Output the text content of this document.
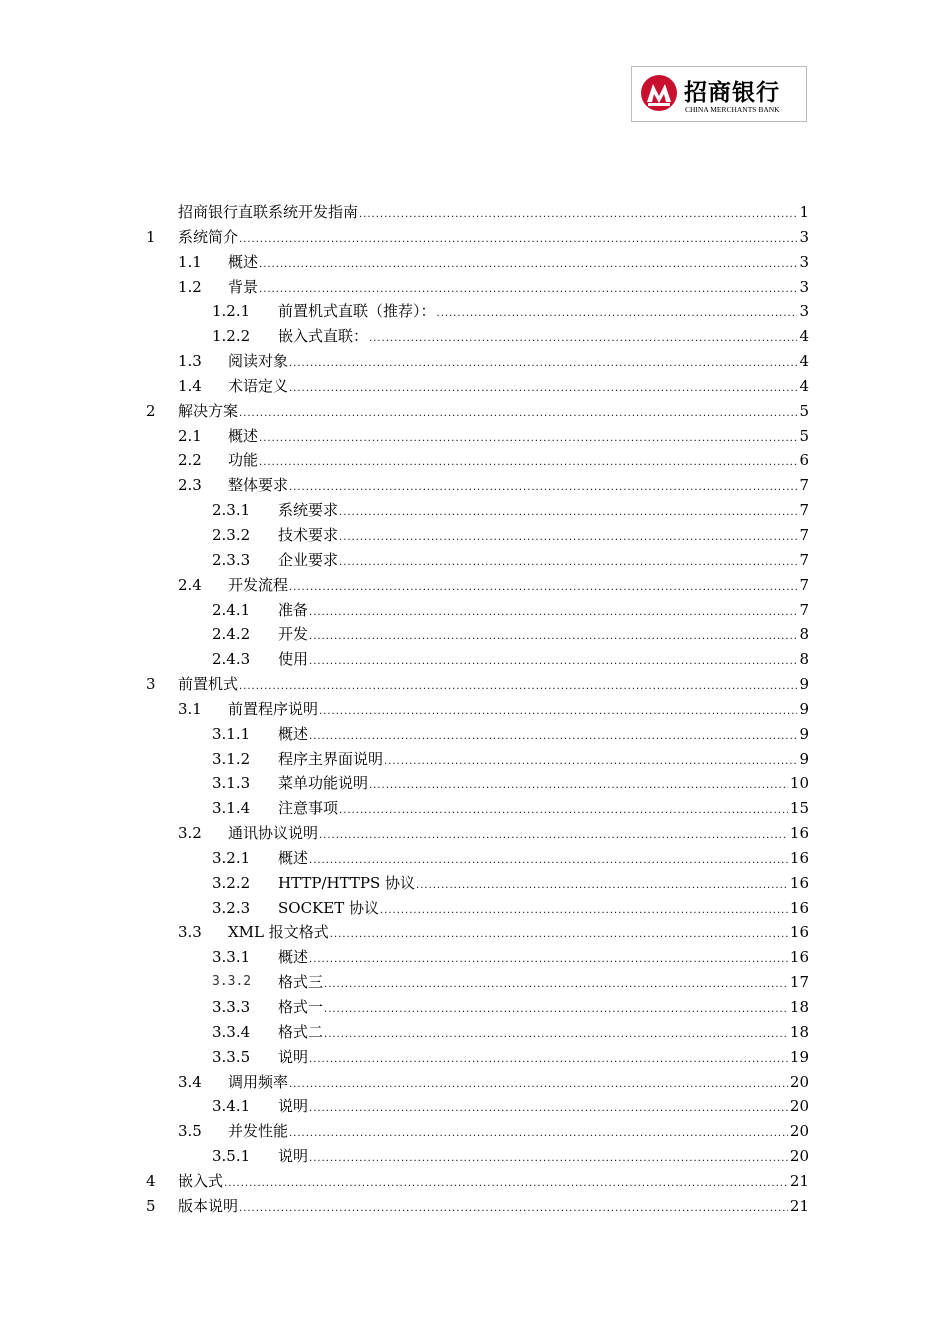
招商银行
CHINA MERCHANTS BANK
招商银行直联系统开发指南 .....	1
1 系统简介 .....	3
1.1 概述 .....	3
1.2 背景 .....	3
1.2.1 前置机式直联（推荐）： .....	3
1.2.2 嵌入式直联： .....	4
1.3 阅读对象 .....	4
1.4 术语定义 .....	4
2 解决方案 .....	5
2.1 概述 .....	5
2.2 功能 .....	6
2.3 整体要求 .....	7
2.3.1 系统要求 .....	7
2.3.2 技术要求 .....	7
2.3.3 企业要求 .....	7
2.4 开发流程 .....	7
2.4.1 准备 .....	7
2.4.2 开发 .....	8
2.4.3 使用 .....	8
3 前置机式 .....	9
3.1 前置程序说明 .....	9
3.1.1 概述 .....	9
3.1.2 程序主界面说明 .....	9
3.1.3 菜单功能说明 .....	10
3.1.4 注意事项 .....	15
3.2 通讯协议说明 .....	16
3.2.1 概述 .....	16
3.2.2 HTTP/HTTPS 协议 .....	16
3.2.3 SOCKET 协议 .....	16
3.3 XML 报文格式 .....	16
3.3.1 概述 .....	16
3.3.2 格式三 .....	17
3.3.3 格式一 .....	18
3.3.4 格式二 .....	18
3.3.5 说明 .....	19
3.4 调用频率 .....	20
3.4.1 说明 .....	20
3.5 并发性能 .....	20
3.5.1 说明 .....	20
4 嵌入式 .....	21
5 版本说明 .....	21
